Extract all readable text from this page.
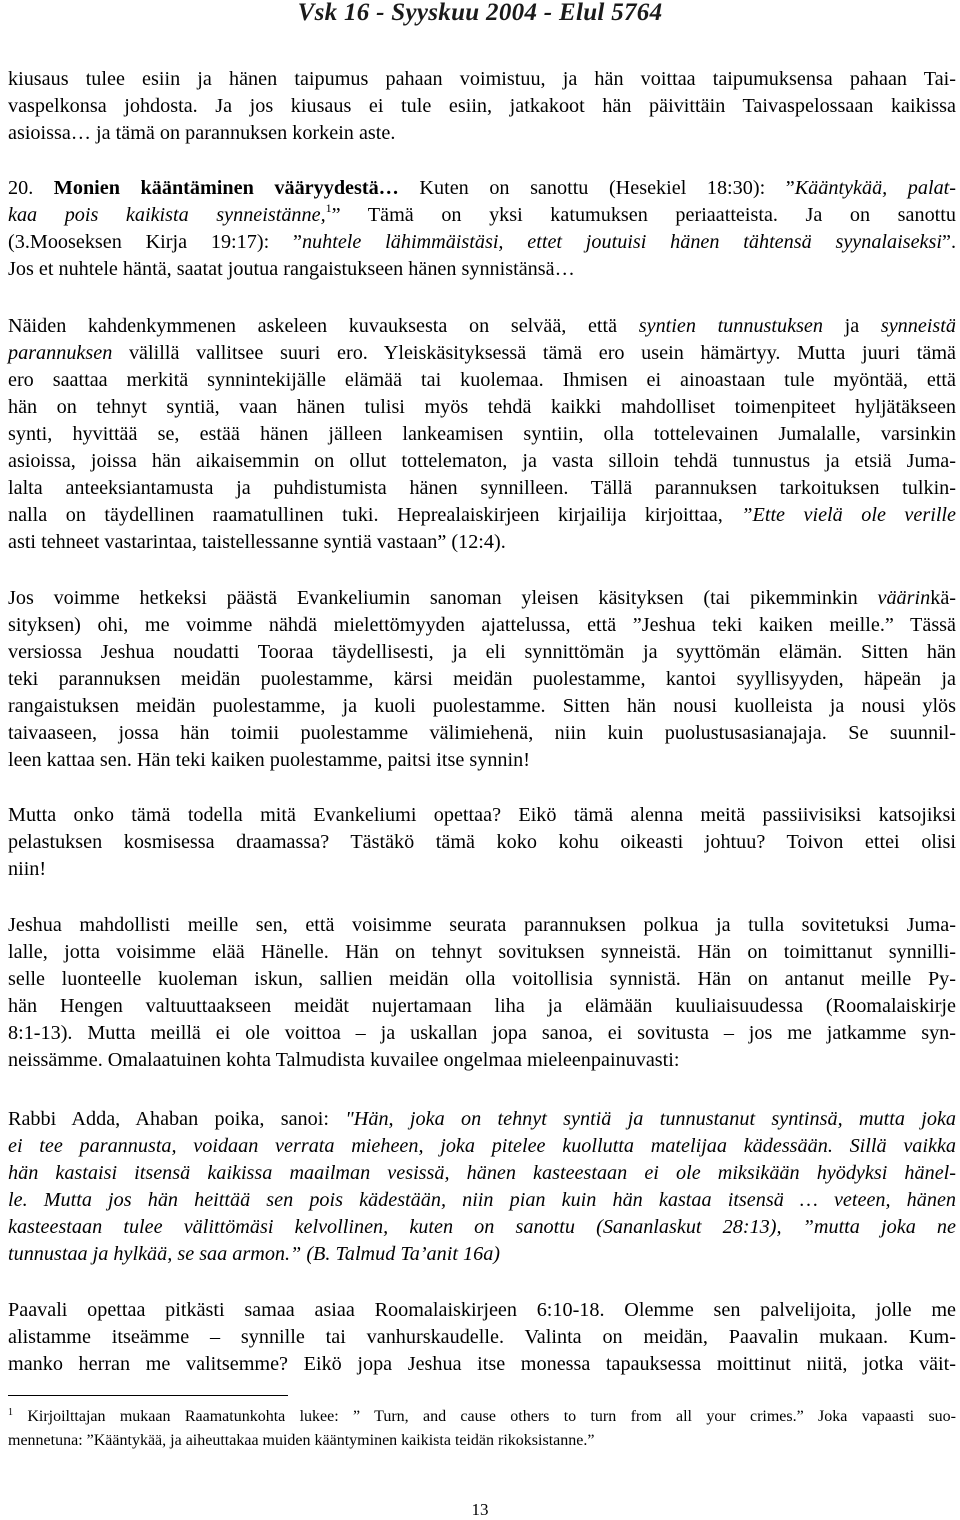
Vsk 16 - Syyskuu 2004 - Elul 5764
kiusaus tulee esiin ja hänen taipumus pahaan voimistuu, ja hän voittaa taipumuksensa pahaan Tai-
vaspelkonsa johdosta. Ja jos kiusaus ei tule esiin, jatkakoot hän päivittäin Taivaspelossaan kaikissa
asioissa… ja tämä on parannuksen korkein aste.
20. Monien kääntäminen vääryydestä… Kuten on sanottu (Hesekiel 18:30): ”Kääntykää, palat-
kaa pois kaikista synneistänne,$^1$” Tämä on yksi katumuksen periaatteista. Ja on sanottu
(3.Mooseksen Kirja 19:17): ”nuhtele lähimmäistäsi, ettet joutuisi hänen tähtensä syynalaiseksi”.
Jos et nuhtele häntä, saatat joutua rangaistukseen hänen synnistänsä…
Näiden kahdenkymmenen askeleen kuvauksesta on selvää, että syntien tunnustuksen ja synneistä
parannuksen välillä vallitsee suuri ero. Yleiskäsityksessä tämä ero usein hämärtyy. Mutta juuri tämä
ero saattaa merkitä synnintekijälle elämää tai kuolemaa. Ihmisen ei ainoastaan tule myöntää, että
hän on tehnyt syntiä, vaan hänen tulisi myös tehdä kaikki mahdolliset toimenpiteet hyljätäkseen
synti, hyvittää se, estää hänen jälleen lankeamisen syntiin, olla tottelevainen Jumalalle, varsinkin
asioissa, joissa hän aikaisemmin on ollut tottelematon, ja vasta silloin tehdä tunnustus ja etsiä Juma-
lalta anteeksiantamusta ja puhdistumista hänen synnilleen. Tällä parannuksen tarkoituksen tulkin-
nalla on täydellinen raamatullinen tuki. Heprealaiskirjeen kirjailija kirjoittaa, ”Ette vielä ole verille
asti tehneet vastarintaa, taistellessanne syntiä vastaan” (12:4).
Jos voimme hetkeksi päästä Evankeliumin sanoman yleisen käsityksen (tai pikemminkin väärinkä-
sityksen) ohi, me voimme nähdä mielettömyyden ajattelussa, että ”Jeshua teki kaiken meille.” Tässä
versiossa Jeshua noudatti Tooraa täydellisesti, ja eli synnittömän ja syyttömän elämän. Sitten hän
teki parannuksen meidän puolestamme, kärsi meidän puolestamme, kantoi syyllisyyden, häpeän ja
rangaistuksen meidän puolestamme, ja kuoli puolestamme. Sitten hän nousi kuolleista ja nousi ylös
taivaaseen, jossa hän toimii puolestamme välimiehenä, niin kuin puolustusasianajaja. Se suunnil-
leen kattaa sen. Hän teki kaiken puolestamme, paitsi itse synnin!
Mutta onko tämä todella mitä Evankeliumi opettaa? Eikö tämä alenna meitä passiivisiksi katsojiksi
pelastuksen kosmisessa draamassa? Tästäkö tämä koko kohu oikeasti johtuu? Toivon ettei olisi
niin!
Jeshua mahdollisti meille sen, että voisimme seurata parannuksen polkua ja tulla sovitetuksi Juma-
lalle, jotta voisimme elää Hänelle. Hän on tehnyt sovituksen synneistä. Hän on toimittanut synnilli-
selle luonteelle kuoleman iskun, sallien meidän olla voitollisia synnistä. Hän on antanut meille Py-
hän Hengen valtuuttaakseen meidät nujertamaan liha ja elämään kuuliaisuudessa (Roomalaiskirje
8:1-13). Mutta meillä ei ole voittoa – ja uskallan jopa sanoa, ei sovitusta – jos me jatkamme syn-
neissämme. Omalaatuinen kohta Talmudista kuvailee ongelmaa mieleenpainuvasti:
Rabbi Adda, Ahaban poika, sanoi: "Hän, joka on tehnyt syntiä ja tunnustanut syntinsä, mutta joka
ei tee parannusta, voidaan verrata mieheen, joka pitelee kuollutta matelijaa kädessään. Sillä vaikka
hän kastaisi itsensä kaikissa maailman vesissä, hänen kasteestaan ei ole miksikään hyödyksi hänel-
le. Mutta jos hän heittää sen pois kädestään, niin pian kuin hän kastaa itsensä … veteen, hänen
kasteestaan tulee välittömäsi kelvollinen, kuten on sanottu (Sananlaskut 28:13), ”mutta joka ne
tunnustaa ja hylkää, se saa armon.” (B. Talmud Ta’anit 16a)
Paavali opettaa pitkästi samaa asiaa Roomalaiskirjeen 6:10-18. Olemme sen palvelijoita, jolle me
alistamme itseämme – synnille tai vanhurskaudelle. Valinta on meidän, Paavalin mukaan. Kum-
manko herran me valitsemme? Eikö jopa Jeshua itse monessa tapauksessa moittinut niitä, jotka väit-
$^1$ Kirjoilttajan mukaan Raamatunkohta lukee: ” Turn, and cause others to turn from all your crimes.” Joka vapaasti suo-
mennetuna: ”Kääntykää, ja aiheuttakaa muiden kääntyminen kaikista teidän rikoksistanne.”
13
